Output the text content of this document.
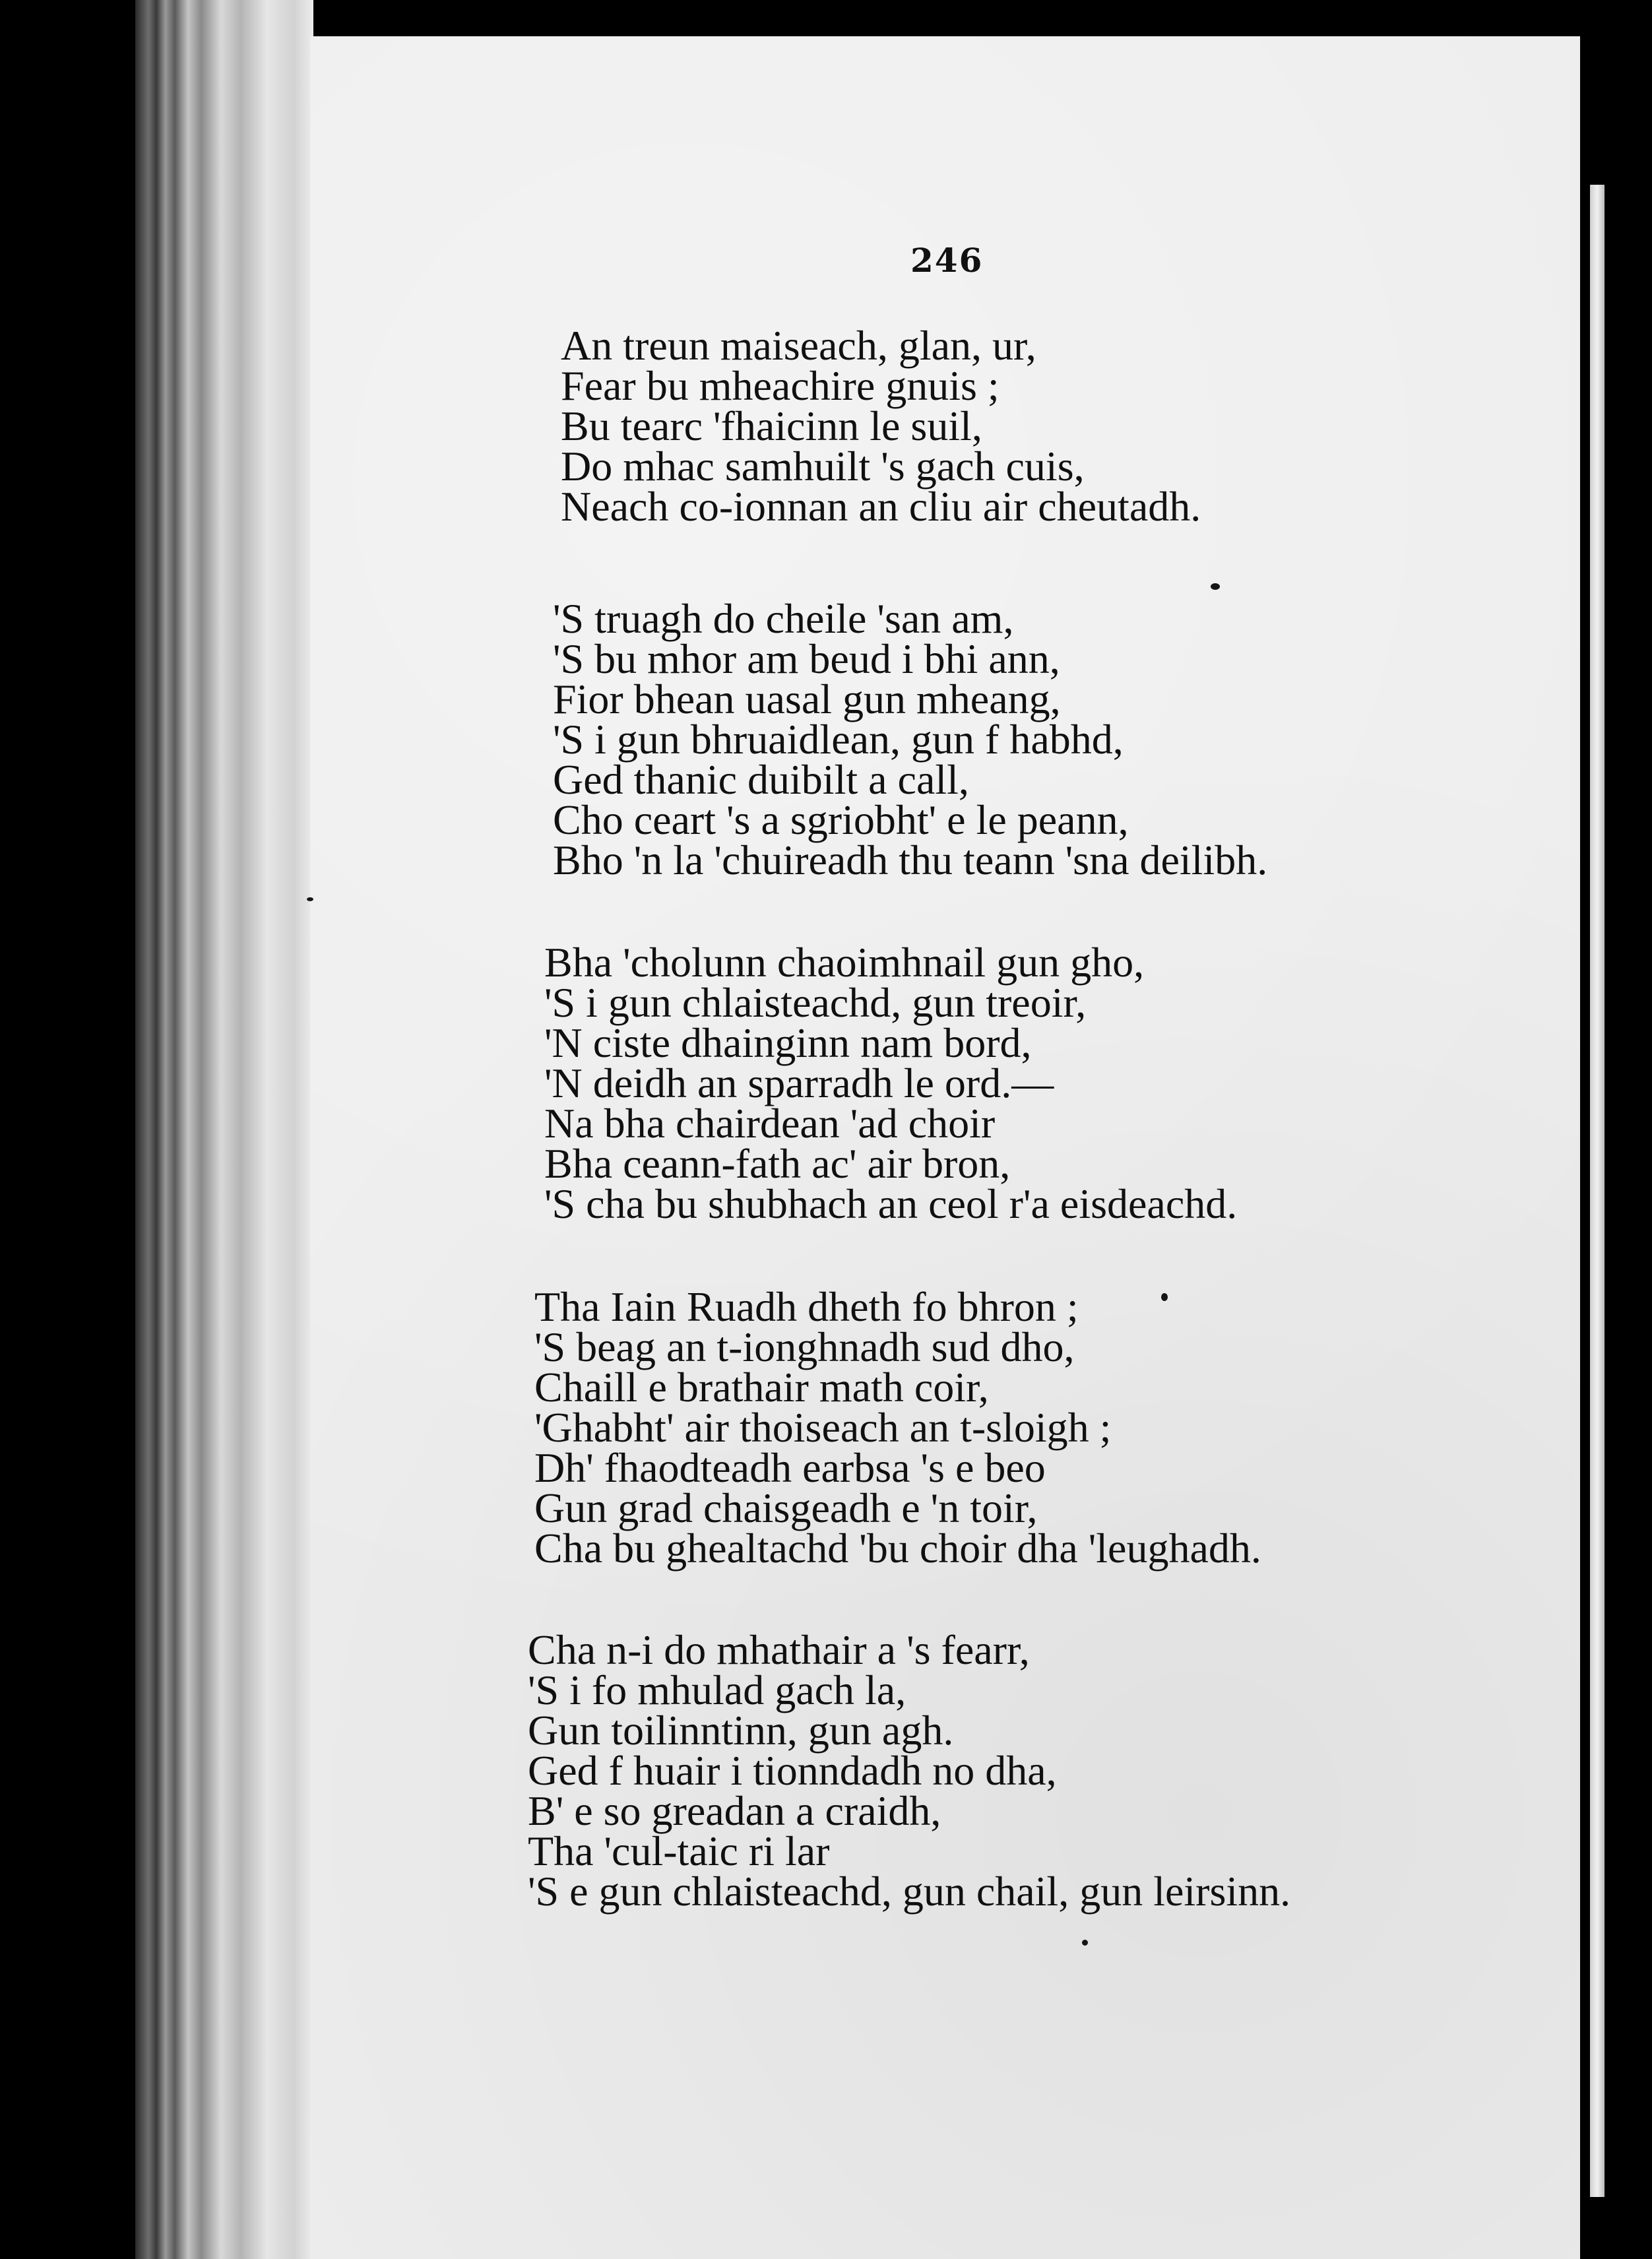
246
An treun maiseach, glan, ur,
Fear bu mheachire gnuis ;
Bu tearc 'fhaicinn le suil,
Do mhac samhuilt 's gach cuis,
Neach co-ionnan an cliu air cheutadh.
'S truagh do cheile 'san am,
'S bu mhor am beud i bhi ann,
Fior bhean uasal gun mheang,
'S i gun bhruaidlean, gun f habhd,
Ged thanic duibilt a call,
Cho ceart 's a sgriobht' e le peann,
Bho 'n la 'chuireadh thu teann 'sna deilibh.
Bha 'cholunn chaoimhnail gun gho,
'S i gun chlaisteachd, gun treoir,
'N ciste dhainginn nam bord,
'N deidh an sparradh le ord.—
Na bha chairdean 'ad choir
Bha ceann-fath ac' air bron,
'S cha bu shubhach an ceol r'a eisdeachd.
Tha Iain Ruadh dheth fo bhron ;
'S beag an t-ionghnadh sud dho,
Chaill e brathair math coir,
'Ghabht' air thoiseach an t-sloigh ;
Dh' fhaodteadh earbsa 's e beo
Gun grad chaisgeadh e 'n toir,
Cha bu ghealtachd 'bu choir dha 'leughadh.
Cha n-i do mhathair a 's fearr,
'S i fo mhulad gach la,
Gun toilinntinn, gun agh.
Ged f huair i tionndadh no dha,
B' e so greadan a craidh,
Tha 'cul-taic ri lar
'S e gun chlaisteachd, gun chail, gun leirsinn.
